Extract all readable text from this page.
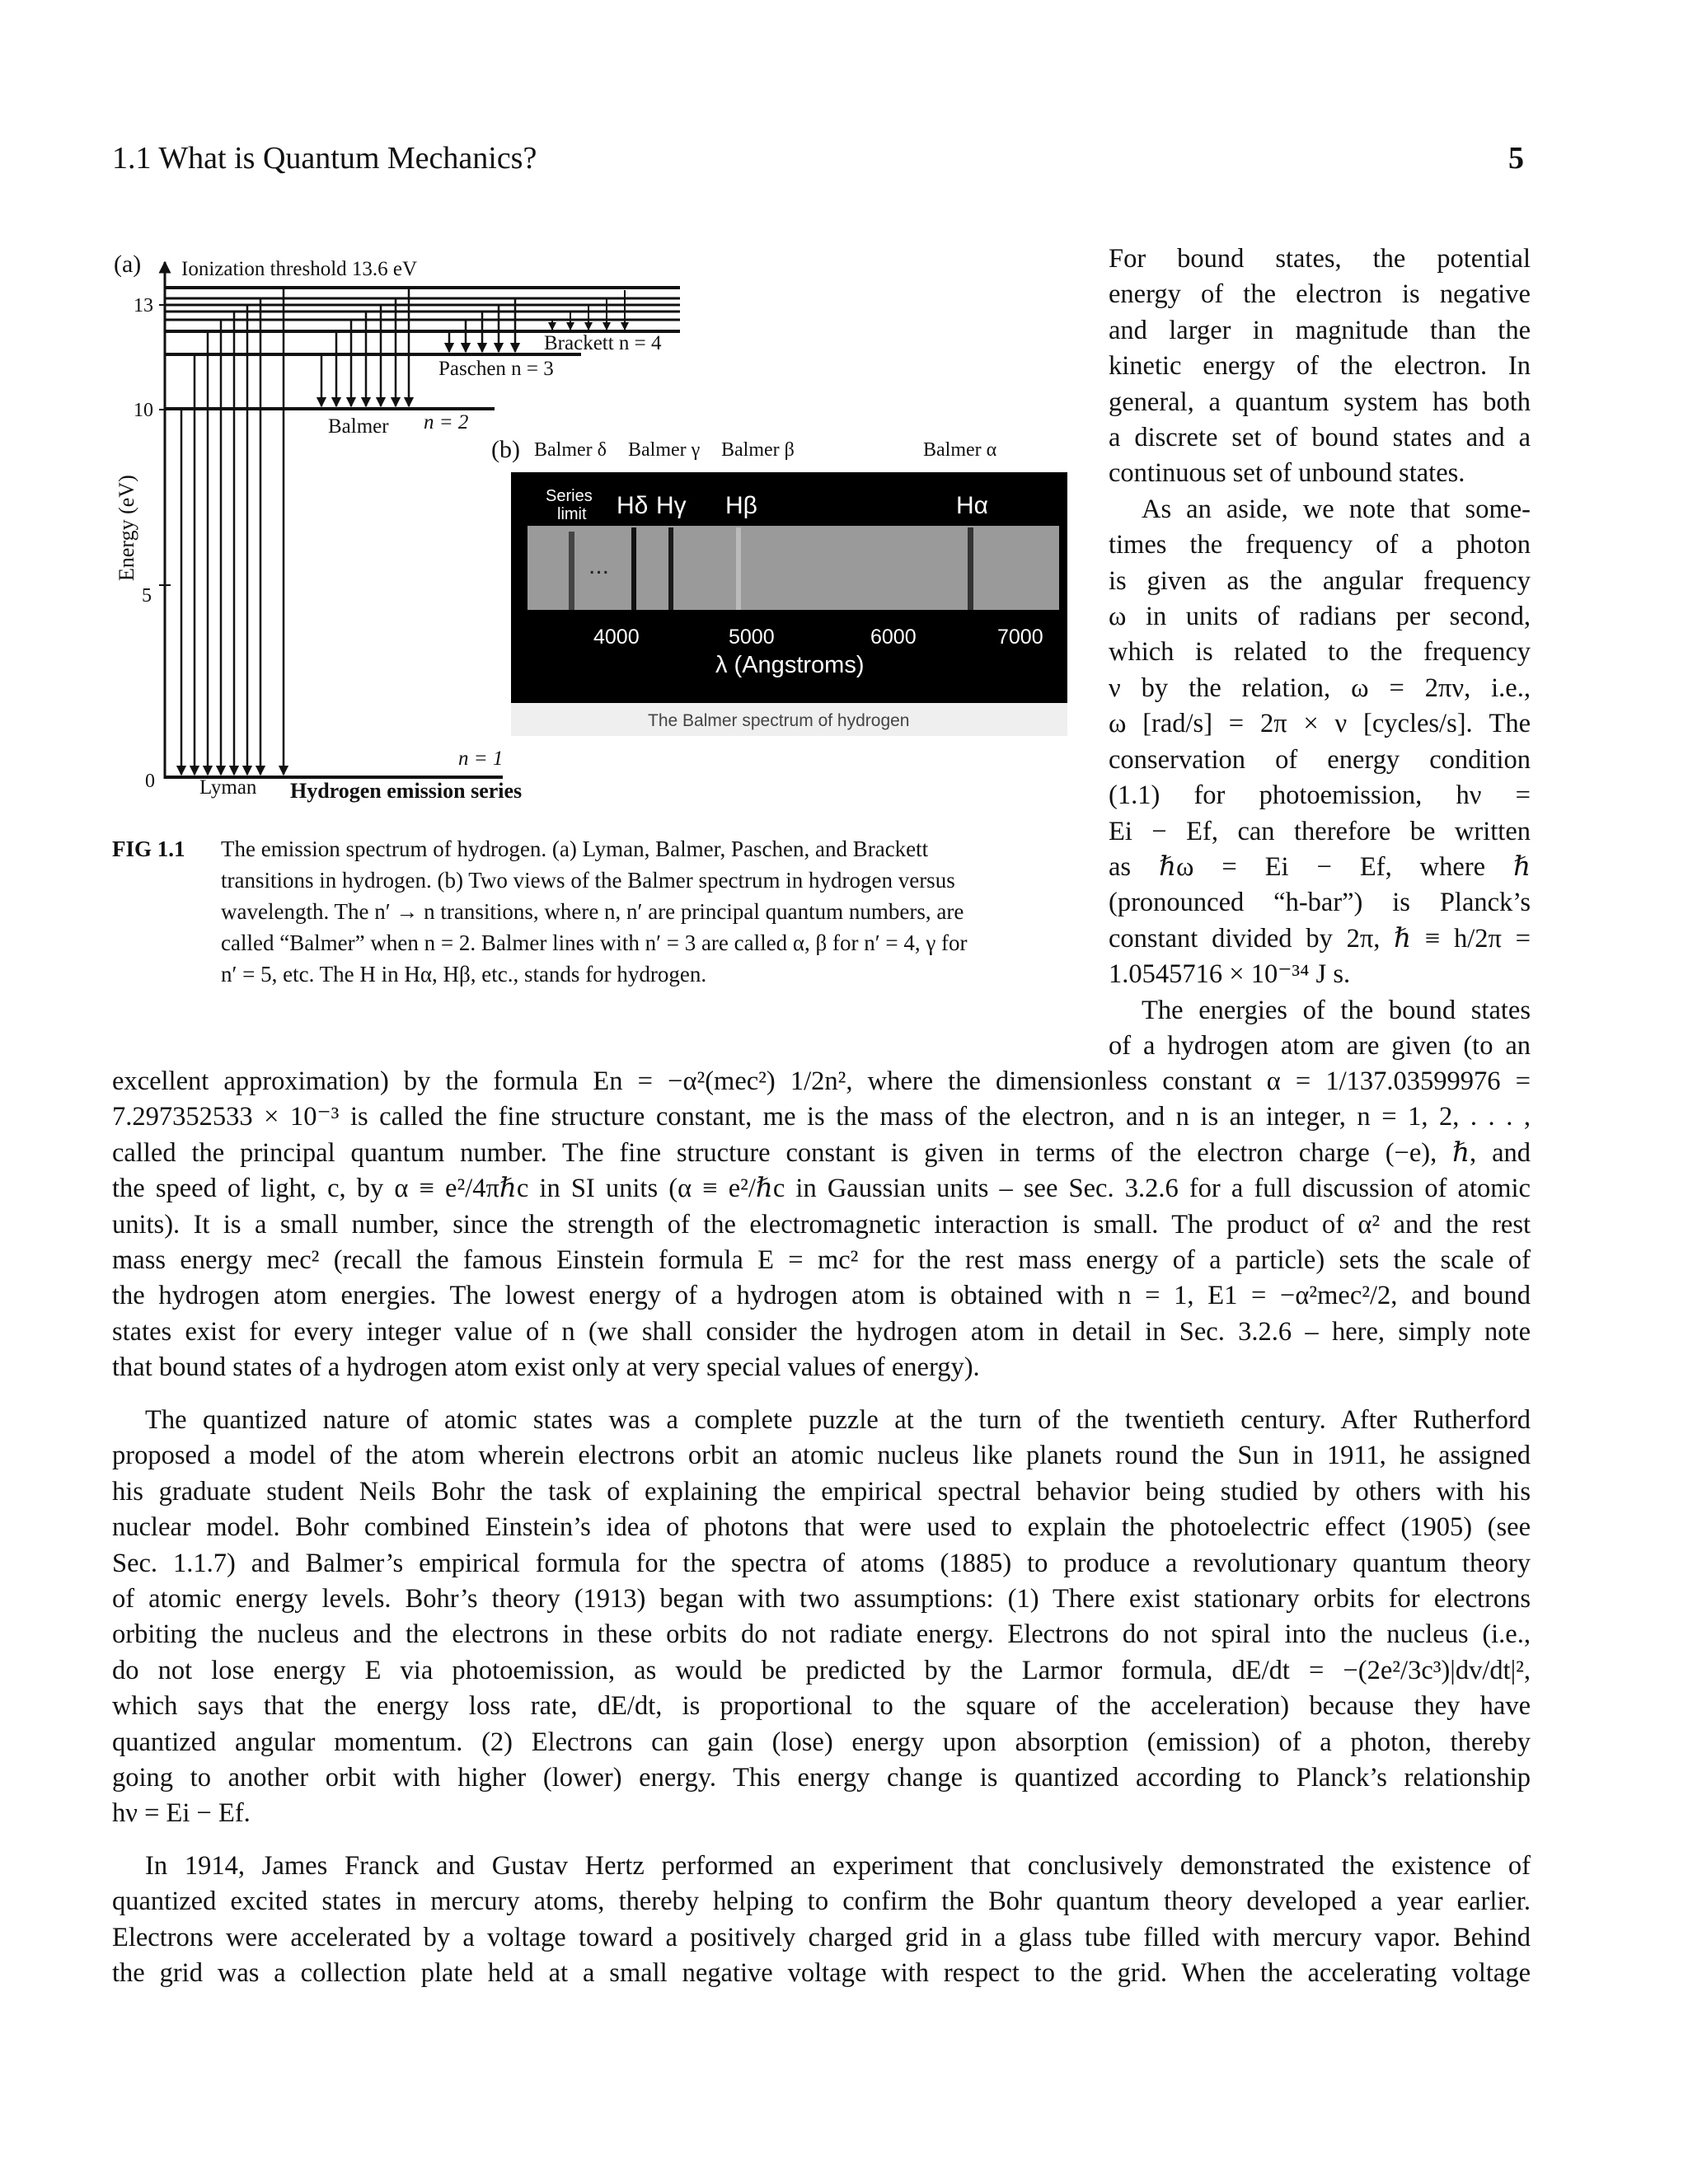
1.1 What is Quantum Mechanics?	5
(a) Ionization threshold 13.6 eV
Energy (eV)
13
10
5
0
Brackett n = 4
Paschen n = 3
Balmer n = 2
n = 1
Lyman Hydrogen emission series
(b) Balmer δ Balmer γ Balmer β	Balmer α
Series
limit Hδ Hγ Hβ	Hα
...
4000	5000	6000	7000
λ (Angstroms)
The Balmer spectrum of hydrogen
FIG 1.1 The emission spectrum of hydrogen. (a) Lyman, Balmer, Paschen, and Brackett
transitions in hydrogen. (b) Two views of the Balmer spectrum in hydrogen versus
wavelength. The n′ → n transitions, where n, n′ are principal quantum numbers, are
called “Balmer” when n = 2. Balmer lines with n′ = 3 are called α, β for n′ = 4, γ for
n′ = 5, etc. The H in Hα, Hβ, etc., stands for hydrogen.
For bound states, the potential
energy of the electron is negative
and larger in magnitude than the
kinetic energy of the electron. In
general, a quantum system has both
a discrete set of bound states and a
continuous set of unbound states.
As an aside, we note that some-
times the frequency of a photon
is given as the angular frequency
ω in units of radians per second,
which is related to the frequency
ν by the relation, ω = 2πν, i.e.,
ω [rad/s] = 2π × ν [cycles/s]. The
conservation of energy condition
(1.1) for photoemission, hν =
Ei − Ef, can therefore be written
as ℏω = Ei − Ef, where ℏ
(pronounced “h-bar”) is Planck’s
constant divided by 2π, ℏ ≡ h/2π =
1.0545716 × 10⁻³⁴ J s.
The energies of the bound states
of a hydrogen atom are given (to an
excellent approximation) by the formula En = −α²(mec²) 1/2n², where the dimensionless constant α = 1/137.03599976 =
7.297352533 × 10⁻³ is called the fine structure constant, me is the mass of the electron, and n is an integer, n = 1, 2, . . . ,
called the principal quantum number. The fine structure constant is given in terms of the electron charge (−e), ℏ, and
the speed of light, c, by α ≡ e²/4πℏc in SI units (α ≡ e²/ℏc in Gaussian units – see Sec. 3.2.6 for a full discussion of atomic
units). It is a small number, since the strength of the electromagnetic interaction is small. The product of α² and the rest
mass energy mec² (recall the famous Einstein formula E = mc² for the rest mass energy of a particle) sets the scale of
the hydrogen atom energies. The lowest energy of a hydrogen atom is obtained with n = 1, E1 = −α²mec²/2, and bound
states exist for every integer value of n (we shall consider the hydrogen atom in detail in Sec. 3.2.6 – here, simply note
that bound states of a hydrogen atom exist only at very special values of energy).
The quantized nature of atomic states was a complete puzzle at the turn of the twentieth century. After Rutherford
proposed a model of the atom wherein electrons orbit an atomic nucleus like planets round the Sun in 1911, he assigned
his graduate student Neils Bohr the task of explaining the empirical spectral behavior being studied by others with his
nuclear model. Bohr combined Einstein’s idea of photons that were used to explain the photoelectric effect (1905) (see
Sec. 1.1.7) and Balmer’s empirical formula for the spectra of atoms (1885) to produce a revolutionary quantum theory
of atomic energy levels. Bohr’s theory (1913) began with two assumptions: (1) There exist stationary orbits for electrons
orbiting the nucleus and the electrons in these orbits do not radiate energy. Electrons do not spiral into the nucleus (i.e.,
do not lose energy E via photoemission, as would be predicted by the Larmor formula, dE/dt = −(2e²/3c³)|dv/dt|²,
which says that the energy loss rate, dE/dt, is proportional to the square of the acceleration) because they have
quantized angular momentum. (2) Electrons can gain (lose) energy upon absorption (emission) of a photon, thereby
going to another orbit with higher (lower) energy. This energy change is quantized according to Planck’s relationship
hν = Ei − Ef.
In 1914, James Franck and Gustav Hertz performed an experiment that conclusively demonstrated the existence of
quantized excited states in mercury atoms, thereby helping to confirm the Bohr quantum theory developed a year earlier.
Electrons were accelerated by a voltage toward a positively charged grid in a glass tube filled with mercury vapor. Behind
the grid was a collection plate held at a small negative voltage with respect to the grid. When the accelerating voltage
